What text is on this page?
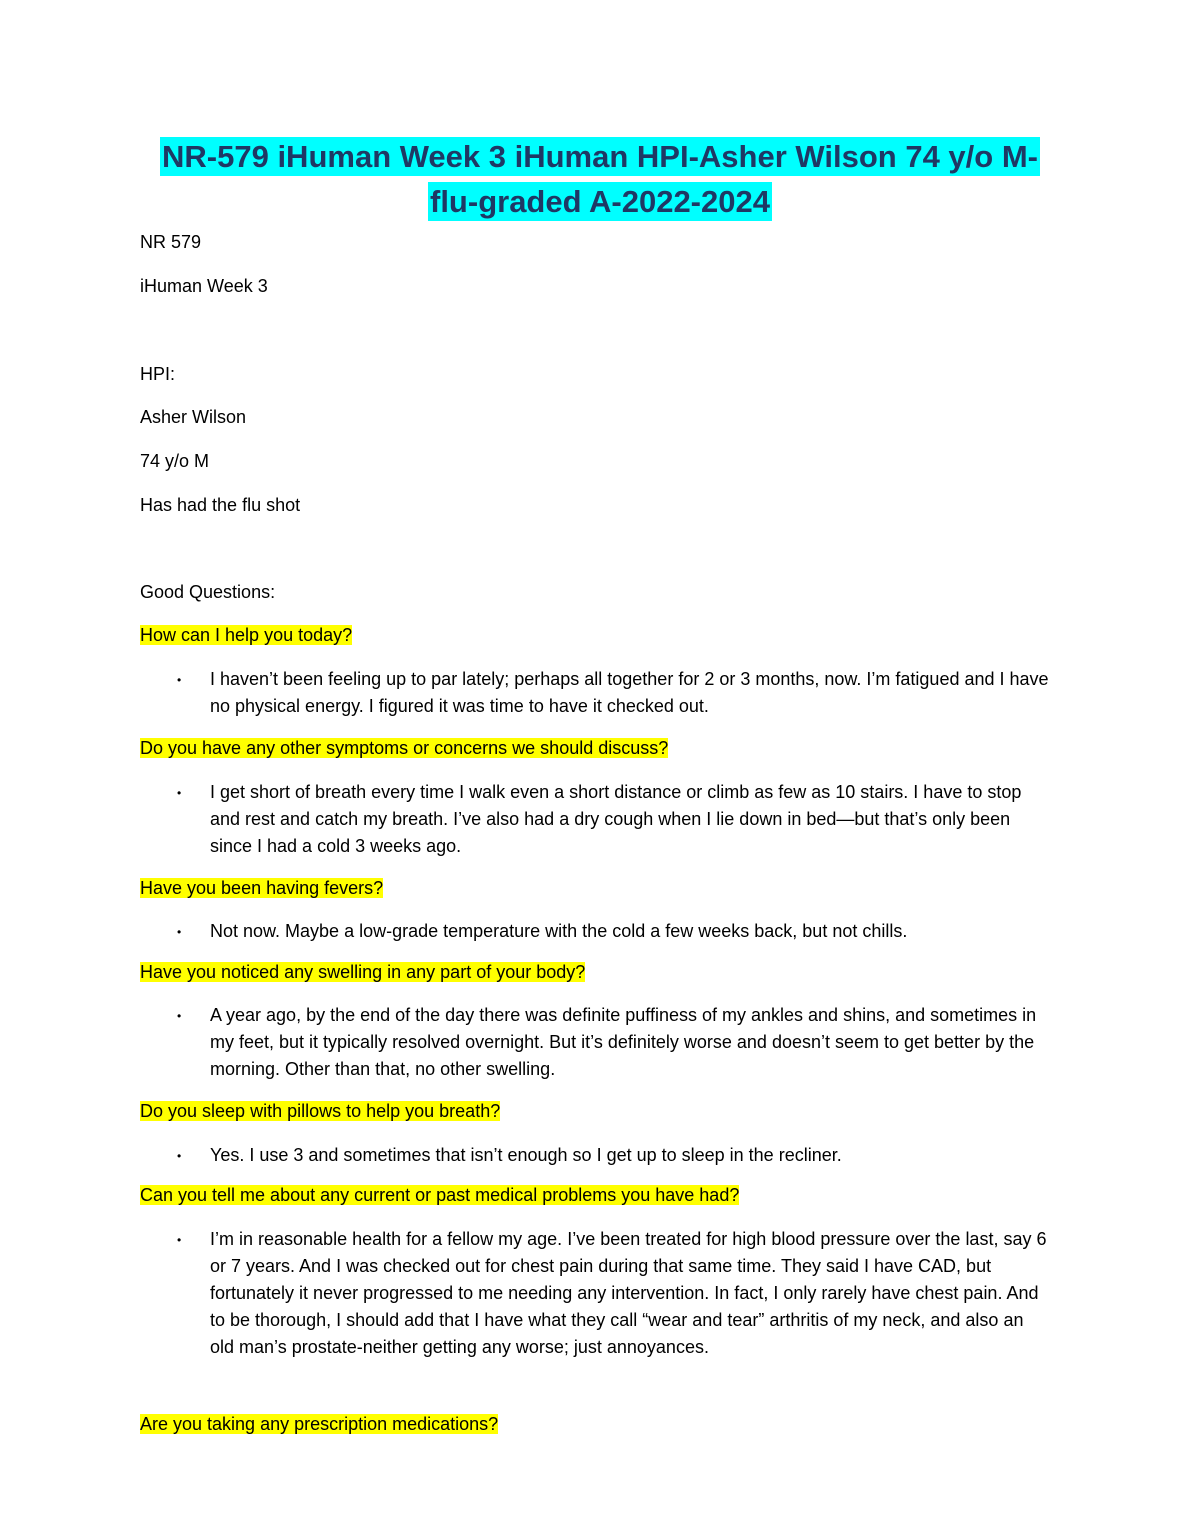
NR-579 iHuman Week 3 iHuman HPI-Asher Wilson 74 y/o M-
flu-graded A-2022-2024
NR 579
iHuman Week 3
HPI:
Asher Wilson
74 y/o M
Has had the flu shot
Good Questions:
How can I help you today?
• I haven’t been feeling up to par lately; perhaps all together for 2 or 3 months, now. I’m fatigued and I have no physical energy. I figured it was time to have it checked out.
Do you have any other symptoms or concerns we should discuss?
• I get short of breath every time I walk even a short distance or climb as few as 10 stairs. I have to stop and rest and catch my breath. I’ve also had a dry cough when I lie down in bed—but that’s only been since I had a cold 3 weeks ago.
Have you been having fevers?
• Not now. Maybe a low-grade temperature with the cold a few weeks back, but not chills.
Have you noticed any swelling in any part of your body?
• A year ago, by the end of the day there was definite puffiness of my ankles and shins, and sometimes in my feet, but it typically resolved overnight. But it’s definitely worse and doesn’t seem to get better by the morning. Other than that, no other swelling.
Do you sleep with pillows to help you breath?
• Yes. I use 3 and sometimes that isn’t enough so I get up to sleep in the recliner.
Can you tell me about any current or past medical problems you have had?
• I’m in reasonable health for a fellow my age. I’ve been treated for high blood pressure over the last, say 6 or 7 years. And I was checked out for chest pain during that same time. They said I have CAD, but fortunately it never progressed to me needing any intervention. In fact, I only rarely have chest pain. And to be thorough, I should add that I have what they call “wear and tear” arthritis of my neck, and also an old man’s prostate-neither getting any worse; just annoyances.
Are you taking any prescription medications?
